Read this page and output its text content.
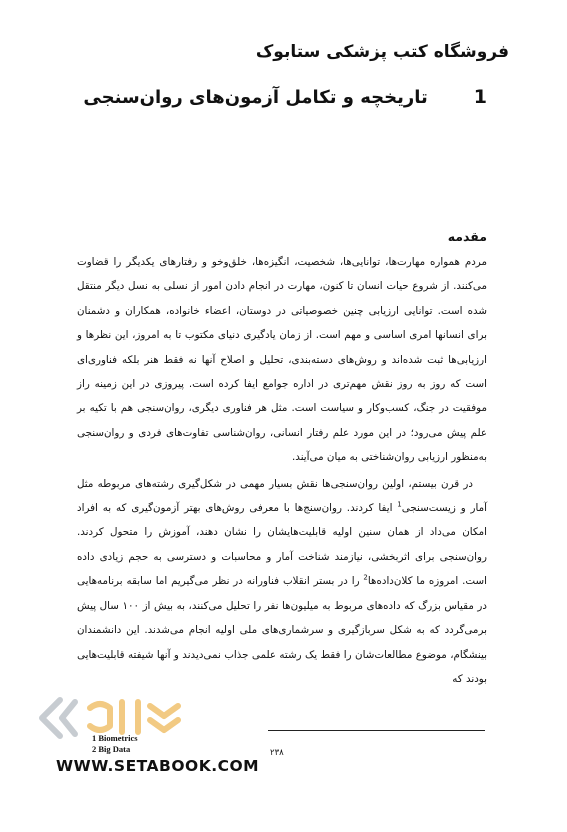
فروشگاه کتب پزشکی ستابوک
1
تاریخچه و تکامل آزمون‌های روان‌سنجی
مقدمه

مردم همواره مهارت‌ها، توانایی‌ها، شخصیت، انگیزه‌ها، خلق‌وخو و رفتارهای یکدیگر را قضاوت می‌کنند. از شروع حیات انسان تا کنون، مهارت در انجام دادن امور از نسلی به نسل دیگر منتقل شده است. توانایی ارزیابی چنین خصوصیاتی در دوستان، اعضاء خانواده، همکاران و دشمنان برای انسانها امری اساسی و مهم است. از زمان یادگیری دنیای مکتوب تا به امروز، این نظرها و ارزیابی‌ها ثبت شده‌اند و روش‌های دسته‌بندی، تحلیل و اصلاح آنها نه فقط هنر بلکه فناوری‌ای است که روز به روز نقش مهم‌تری در اداره جوامع ایفا کرده است. پیروزی در این زمینه راز موفقیت در جنگ، کسب‌وکار و سیاست است. مثل هر فناوری دیگری، روان‌سنجی هم با تکیه بر علم پیش می‌رود؛ در این مورد علم رفتار انسانی، روان‌شناسی تفاوت‌های فردی و روان‌سنجی به‌منظور ارزیابی روان‌شناختی به میان می‌آیند.

در قرن بیستم، اولین روان‌سنجی‌ها نقش بسیار مهمی در شکل‌گیری رشته‌های مربوطه مثل آمار و زیست‌سنجی$^1$ ایفا کردند. روان‌سنج‌ها با معرفی روش‌های بهتر آزمون‌گیری که به افراد امکان می‌داد از همان سنین اولیه قابلیت‌هایشان را نشان دهند، آموزش را متحول کردند. روان‌سنجی برای اثربخشی، نیازمند شناخت آمار و محاسبات و دسترسی به حجم زیادی داده است. امروزه ما کلان‌داده‌ها$^2$ را در بستر انقلاب فناورانه در نظر می‌گیریم اما سابقه برنامه‌هایی در مقیاس بزرگ که داده‌های مربوط به میلیون‌ها نفر را تحلیل می‌کنند، به بیش از ۱۰۰ سال پیش برمی‌گردد که به شکل سربازگیری و سرشماری‌های ملی اولیه انجام می‌شدند. این دانشمندان بینشگام، موضوع مطالعات‌شان را فقط یک رشته علمی جذاب نمی‌دیدند و آنها شیفته قابلیت‌هایی بودند که

1 Biometrics
2 Big Data	۲۳۸
WWW.SETABOOK.COM
